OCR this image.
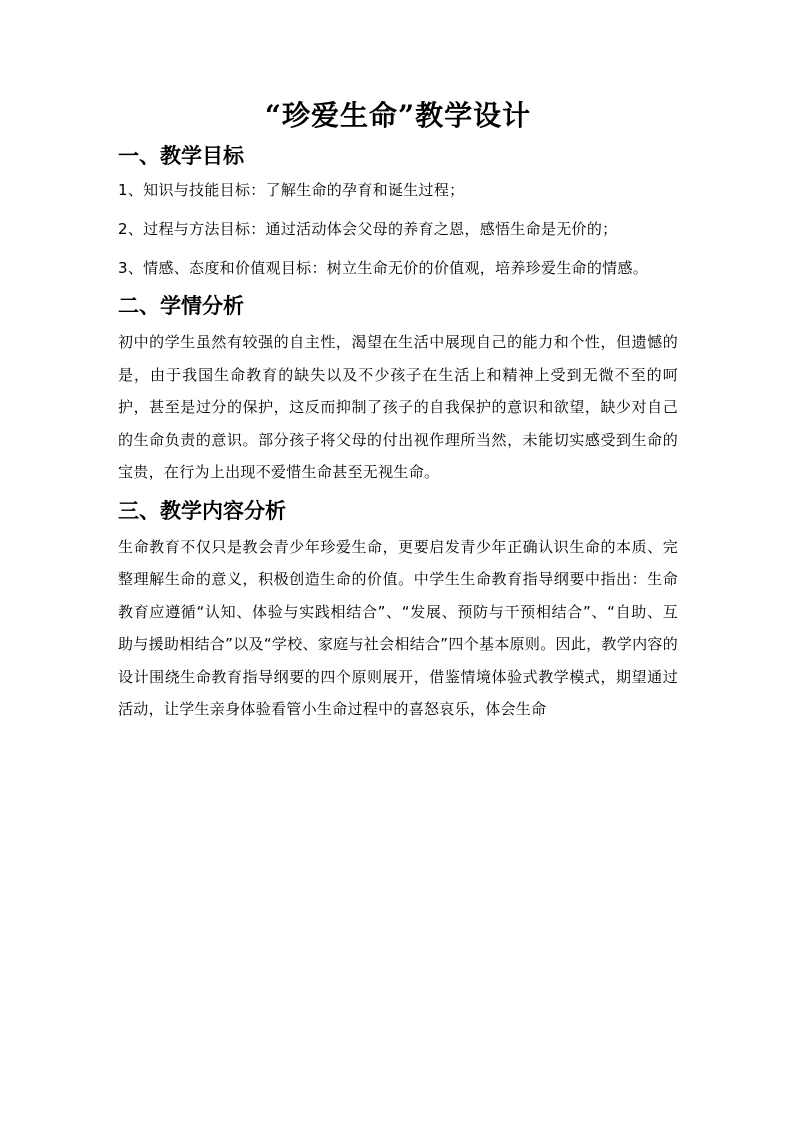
“珍爱生命”教学设计
一、教学目标

1、知识与技能目标：了解生命的孕育和诞生过程；

2、过程与方法目标：通过活动体会父母的养育之恩，感悟生命是无价的；

3、情感、态度和价值观目标：树立生命无价的价值观，培养珍爱生命的情感。

二、学情分析

初中的学生虽然有较强的自主性，渴望在生活中展现自己的能力和个性，但遗憾的是，由于我国生命教育的缺失以及不少孩子在生活上和精神上受到无微不至的呵护，甚至是过分的保护，这反而抑制了孩子的自我保护的意识和欲望，缺少对自己的生命负责的意识。部分孩子将父母的付出视作理所当然，未能切实感受到生命的宝贵，在行为上出现不爱惜生命甚至无视生命。

三、教学内容分析

生命教育不仅只是教会青少年珍爱生命，更要启发青少年正确认识生命的本质、完整理解生命的意义，积极创造生命的价值。中学生生命教育指导纲要中指出：生命教育应遵循“认知、体验与实践相结合”、“发展、预防与干预相结合”、“自助、互助与援助相结合”以及“学校、家庭与社会相结合”四个基本原则。因此，教学内容的设计围绕生命教育指导纲要的四个原则展开，借鉴情境体验式教学模式，期望通过活动，让学生亲身体验看管小生命过程中的喜怒哀乐，体会生命
